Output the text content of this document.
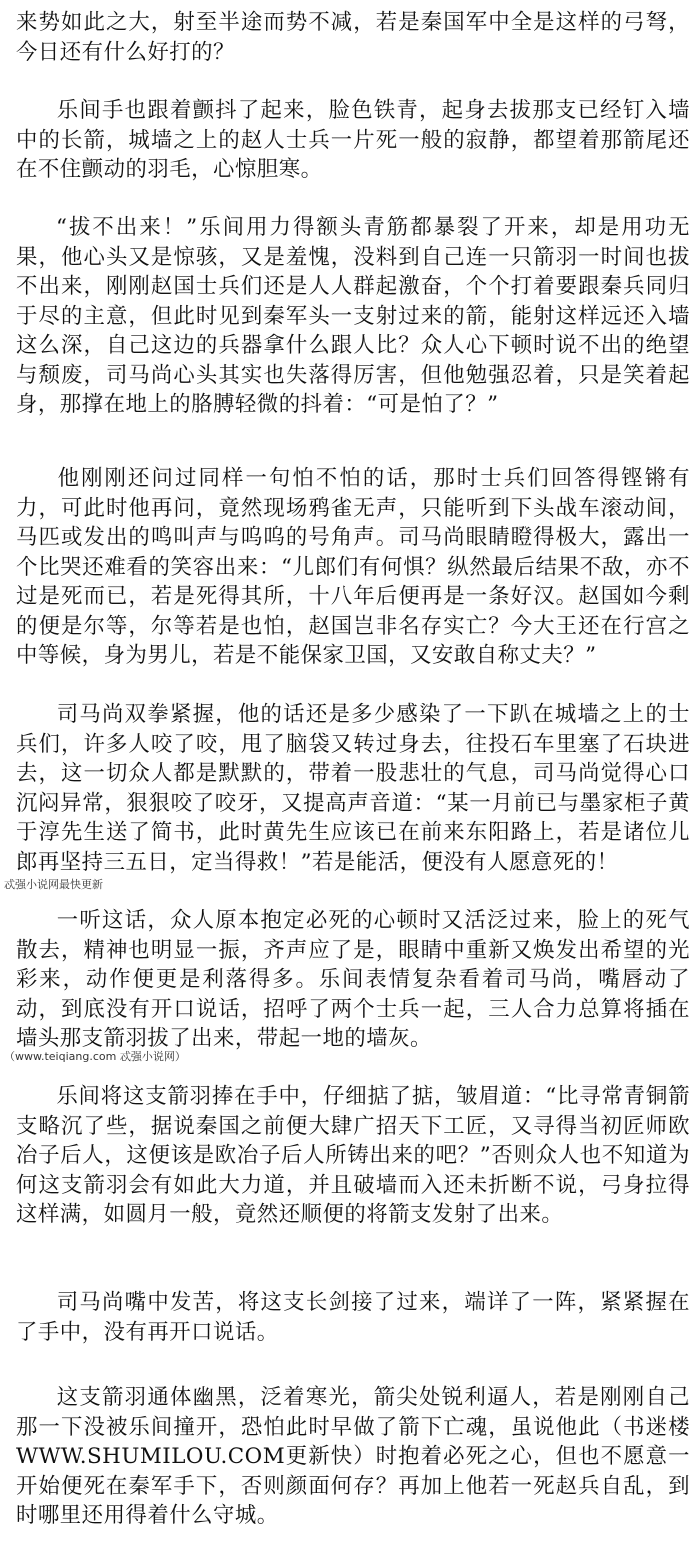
来势如此之大，射至半途而势不减，若是秦国军中全是这样的弓弩，今日还有什么好打的？

乐间手也跟着颤抖了起来，脸色铁青，起身去拔那支已经钉入墙中的长箭，城墙之上的赵人士兵一片死一般的寂静，都望着那箭尾还在不住颤动的羽毛，心惊胆寒。

“拔不出来！”乐间用力得额头青筋都暴裂了开来，却是用功无果，他心头又是惊骇，又是羞愧，没料到自己连一只箭羽一时间也拔不出来，刚刚赵国士兵们还是人人群起激奋，个个打着要跟秦兵同归于尽的主意，但此时见到秦军头一支射过来的箭，能射这样远还入墙这么深，自己这边的兵器拿什么跟人比？众人心下顿时说不出的绝望与颓废，司马尚心头其实也失落得厉害，但他勉强忍着，只是笑着起身，那撑在地上的胳膊轻微的抖着：“可是怕了？”

他刚刚还问过同样一句怕不怕的话，那时士兵们回答得铿锵有力，可此时他再问，竟然现场鸦雀无声，只能听到下头战车滚动间，马匹或发出的鸣叫声与呜呜的号角声。司马尚眼睛瞪得极大，露出一个比哭还难看的笑容出来：“儿郎们有何惧？纵然最后结果不敌，亦不过是死而已，若是死得其所，十八年后便再是一条好汉。赵国如今剩的便是尔等，尔等若是也怕，赵国岂非名存实亡？今大王还在行宫之中等候，身为男儿，若是不能保家卫国，又安敢自称丈夫？”

司马尚双拳紧握，他的话还是多少感染了一下趴在城墙之上的士兵们，许多人咬了咬，甩了脑袋又转过身去，往投石车里塞了石块进去，这一切众人都是默默的，带着一股悲壮的气息，司马尚觉得心口沉闷异常，狠狠咬了咬牙，又提高声音道：“某一月前已与墨家柜子黄于淳先生送了简书，此时黄先生应该已在前来东阳路上，若是诸位儿郎再坚持三五日，定当得救！”若是能活，便没有人愿意死的！

忒强小说网最快更新

一听这话，众人原本抱定必死的心顿时又活泛过来，脸上的死气散去，精神也明显一振，齐声应了是，眼睛中重新又焕发出希望的光彩来，动作便更是利落得多。乐间表情复杂看着司马尚，嘴唇动了动，到底没有开口说话，招呼了两个士兵一起，三人合力总算将插在墙头那支箭羽拔了出来，带起一地的墙灰。

（www.teiqiang.com 忒强小说网）

乐间将这支箭羽捧在手中，仔细掂了掂，皱眉道：“比寻常青铜箭支略沉了些，据说秦国之前便大肆广招天下工匠，又寻得当初匠师欧冶子后人，这便该是欧冶子后人所铸出来的吧？”否则众人也不知道为何这支箭羽会有如此大力道，并且破墙而入还未折断不说，弓身拉得这样满，如圆月一般，竟然还顺便的将箭支发射了出来。

司马尚嘴中发苦，将这支长剑接了过来，端详了一阵，紧紧握在了手中，没有再开口说话。

这支箭羽通体幽黑，泛着寒光，箭尖处锐利逼人，若是刚刚自己那一下没被乐间撞开，恐怕此时早做了箭下亡魂，虽说他此（书迷楼WWW.SHUMILOU.COM更新快）时抱着必死之心，但也不愿意一开始便死在秦军手下，否则颜面何存？再加上他若一死赵兵自乱，到时哪里还用得着什么守城。
